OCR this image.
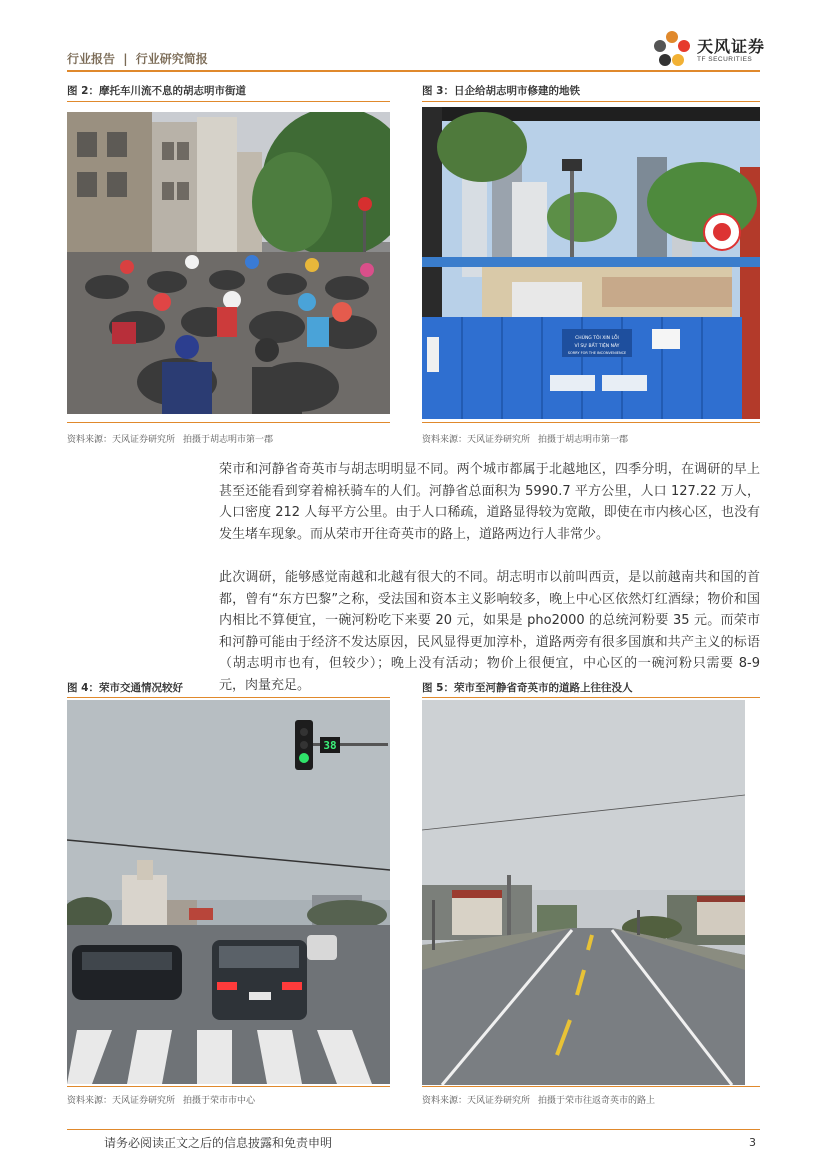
行业报告 | 行业研究简报
天风证券
TF SECURITIES
图 2：摩托车川流不息的胡志明市街道
资料来源：天风证券研究所 拍摄于胡志明市第一郡
图 3：日企给胡志明市修建的地铁
CHÚNG TÔI XIN LỖI
VÌ SỰ BẤT TIỆN NÀY
SORRY FOR THE INCONVENIENCE
资料来源：天风证券研究所 拍摄于胡志明市第一郡
荣市和河静省奇英市与胡志明明显不同。两个城市都属于北越地区，四季分明，在调研的早上甚至还能看到穿着棉袄骑车的人们。河静省总面积为 5990.7 平方公里，人口 127.22 万人，人口密度 212 人每平方公里。由于人口稀疏，道路显得较为宽敞，即使在市内核心区，也没有发生堵车现象。而从荣市开往奇英市的路上，道路两边行人非常少。
此次调研，能够感觉南越和北越有很大的不同。胡志明市以前叫西贡，是以前越南共和国的首都，曾有“东方巴黎”之称，受法国和资本主义影响较多，晚上中心区依然灯红酒绿；物价和国内相比不算便宜，一碗河粉吃下来要 20 元，如果是 pho2000 的总统河粉要 35 元。而荣市和河静可能由于经济不发达原因，民风显得更加淳朴，道路两旁有很多国旗和共产主义的标语（胡志明市也有，但较少）；晚上没有活动；物价上很便宜，中心区的一碗河粉只需要 8-9 元，肉量充足。
图 4：荣市交通情况较好
38
资料来源：天风证券研究所 拍摄于荣市市中心
图 5：荣市至河静省奇英市的道路上往往没人
资料来源：天风证券研究所 拍摄于荣市往返奇英市的路上
请务必阅读正文之后的信息披露和免责申明	3
